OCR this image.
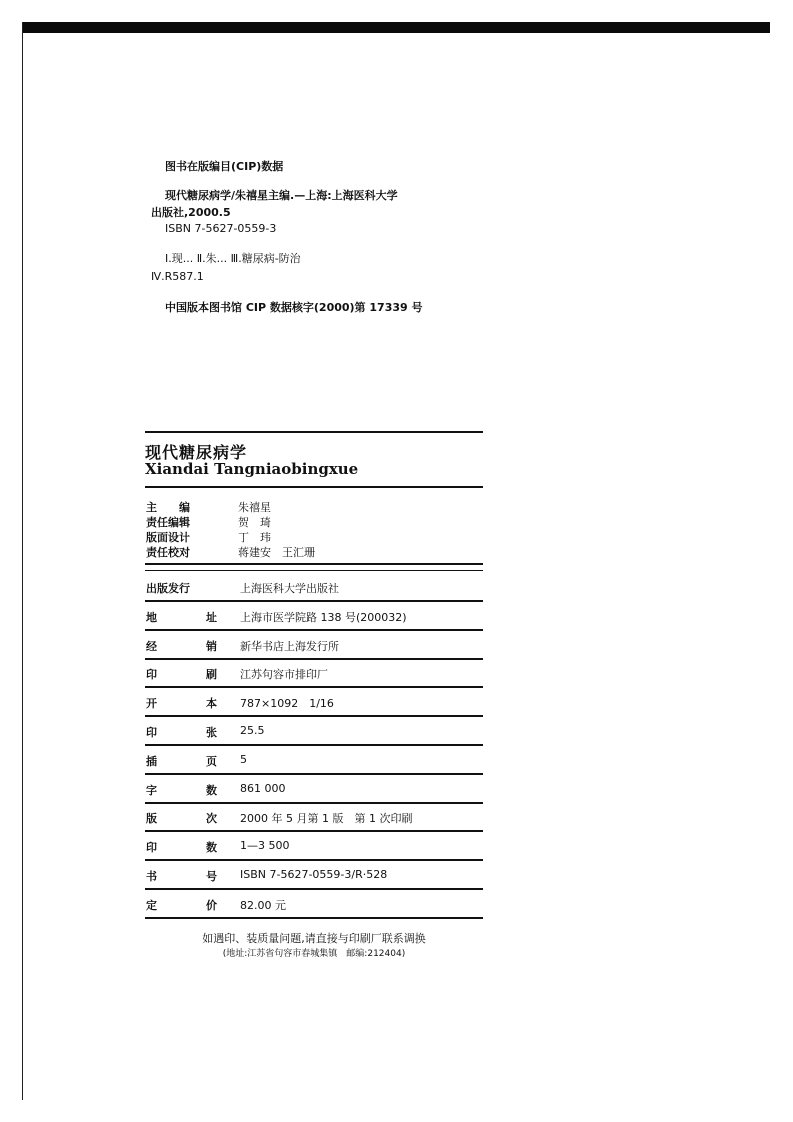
图书在版编目(CIP)数据
现代糖尿病学/朱禧星主编.—上海:上海医科大学
出版社,2000.5
ISBN 7-5627-0559-3
Ⅰ.现... Ⅱ.朱... Ⅲ.糖尿病-防治
Ⅳ.R587.1
中国版本图书馆 CIP 数据核字(2000)第 17339 号
现代糖尿病学
Xiandai Tangniaobingxue
主　　编	朱禧星
责任编辑	贺　琦
版面设计	丁　玮
责任校对	蒋建安　王汇珊
出版发行	上海医科大学出版社
地	址 上海市医学院路 138 号(200032)
经	销 新华书店上海发行所
印	刷 江苏句容市排印厂
开	本 787×1092　1/16
印	张 25.5
插	页 5
字	数 861 000
版	次 2000 年 5 月第 1 版　第 1 次印刷
印	数 1—3 500
书	号 ISBN 7-5627-0559-3/R·528
定	价 82.00 元
如遇印、装质量问题,请直接与印刷厂联系调换
(地址:江苏省句容市春城集镇　邮编:212404)
